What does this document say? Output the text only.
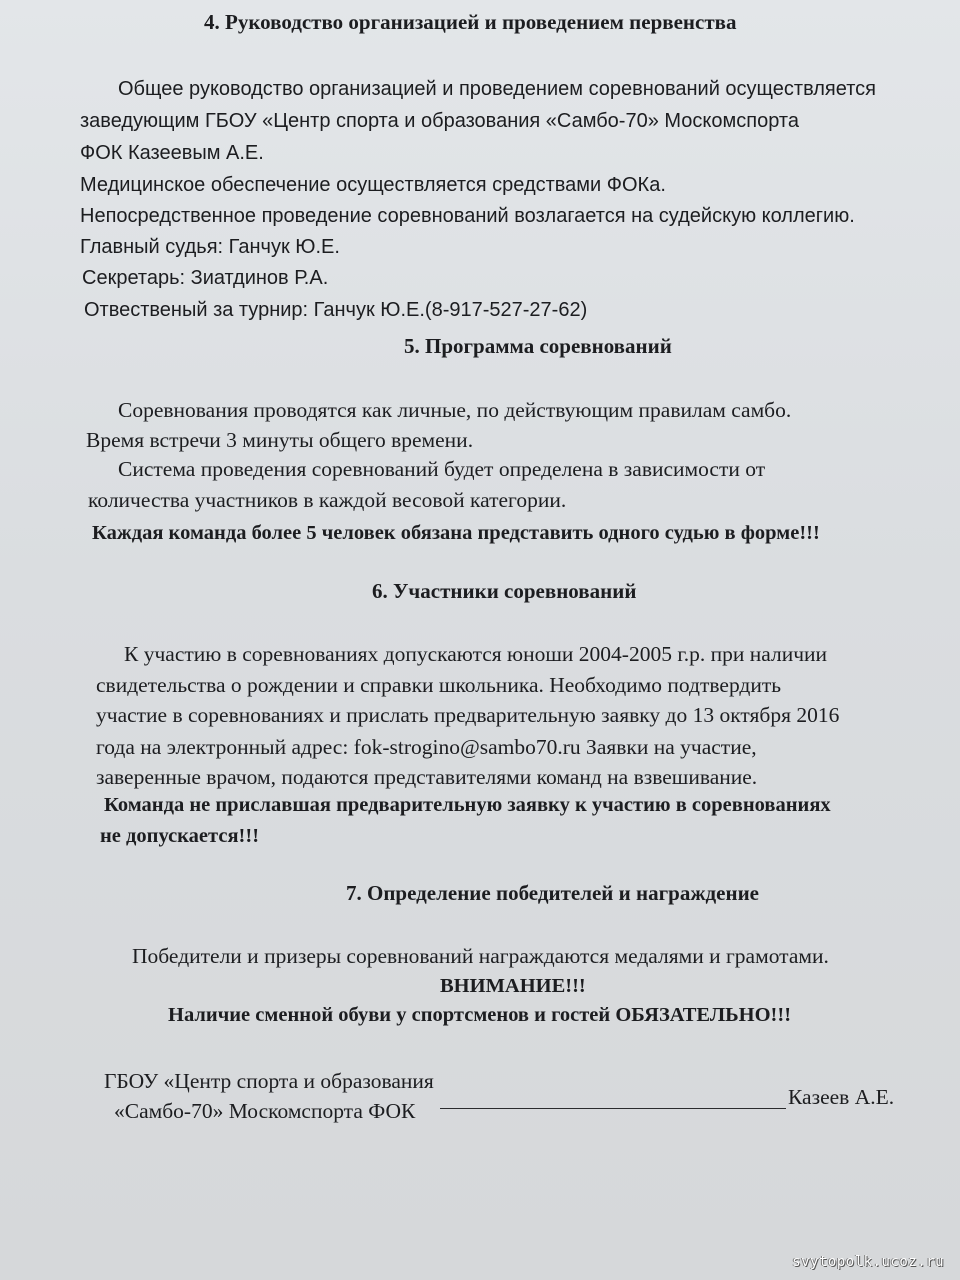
4. Руководство организацией и проведением первенства
Общее руководство организацией и проведением соревнований осуществляется
заведующим ГБОУ «Центр спорта и образования «Самбо-70» Москомспорта
ФОК Казеевым А.Е.
Медицинское обеспечение осуществляется средствами ФОКа.
Непосредственное проведение соревнований возлагается на судейскую коллегию.
Главный судья: Ганчук Ю.Е.
Секретарь: Зиатдинов Р.А.
Отвественый за турнир: Ганчук Ю.Е.(8-917-527-27-62)
5. Программа соревнований
Соревнования проводятся как личные, по действующим правилам самбо.
Время встречи 3 минуты общего времени.
Система проведения соревнований будет определена в зависимости от
количества участников в каждой весовой категории.
Каждая команда более 5 человек обязана представить одного судью в форме!!!
6. Участники соревнований
К участию в соревнованиях допускаются юноши 2004-2005 г.р. при наличии
свидетельства о рождении и справки школьника. Необходимо подтвердить
участие в соревнованиях и прислать предварительную заявку до 13 октября 2016
года на электронный адрес: fok-strogino@sambo70.ru Заявки на участие,
заверенные врачом, подаются представителями команд на взвешивание.
Команда не приславшая предварительную заявку к участию в соревнованиях
не допускается!!!
7. Определение победителей и награждение
Победители и призеры соревнований награждаются медалями и грамотами.
ВНИМАНИЕ!!!
Наличие сменной обуви у спортсменов и гостей ОБЯЗАТЕЛЬНО!!!
ГБОУ «Центр спорта и образования
«Самбо-70» Москомспорта ФОК
Казеев А.Е.
svytopolk.ucoz.ru
